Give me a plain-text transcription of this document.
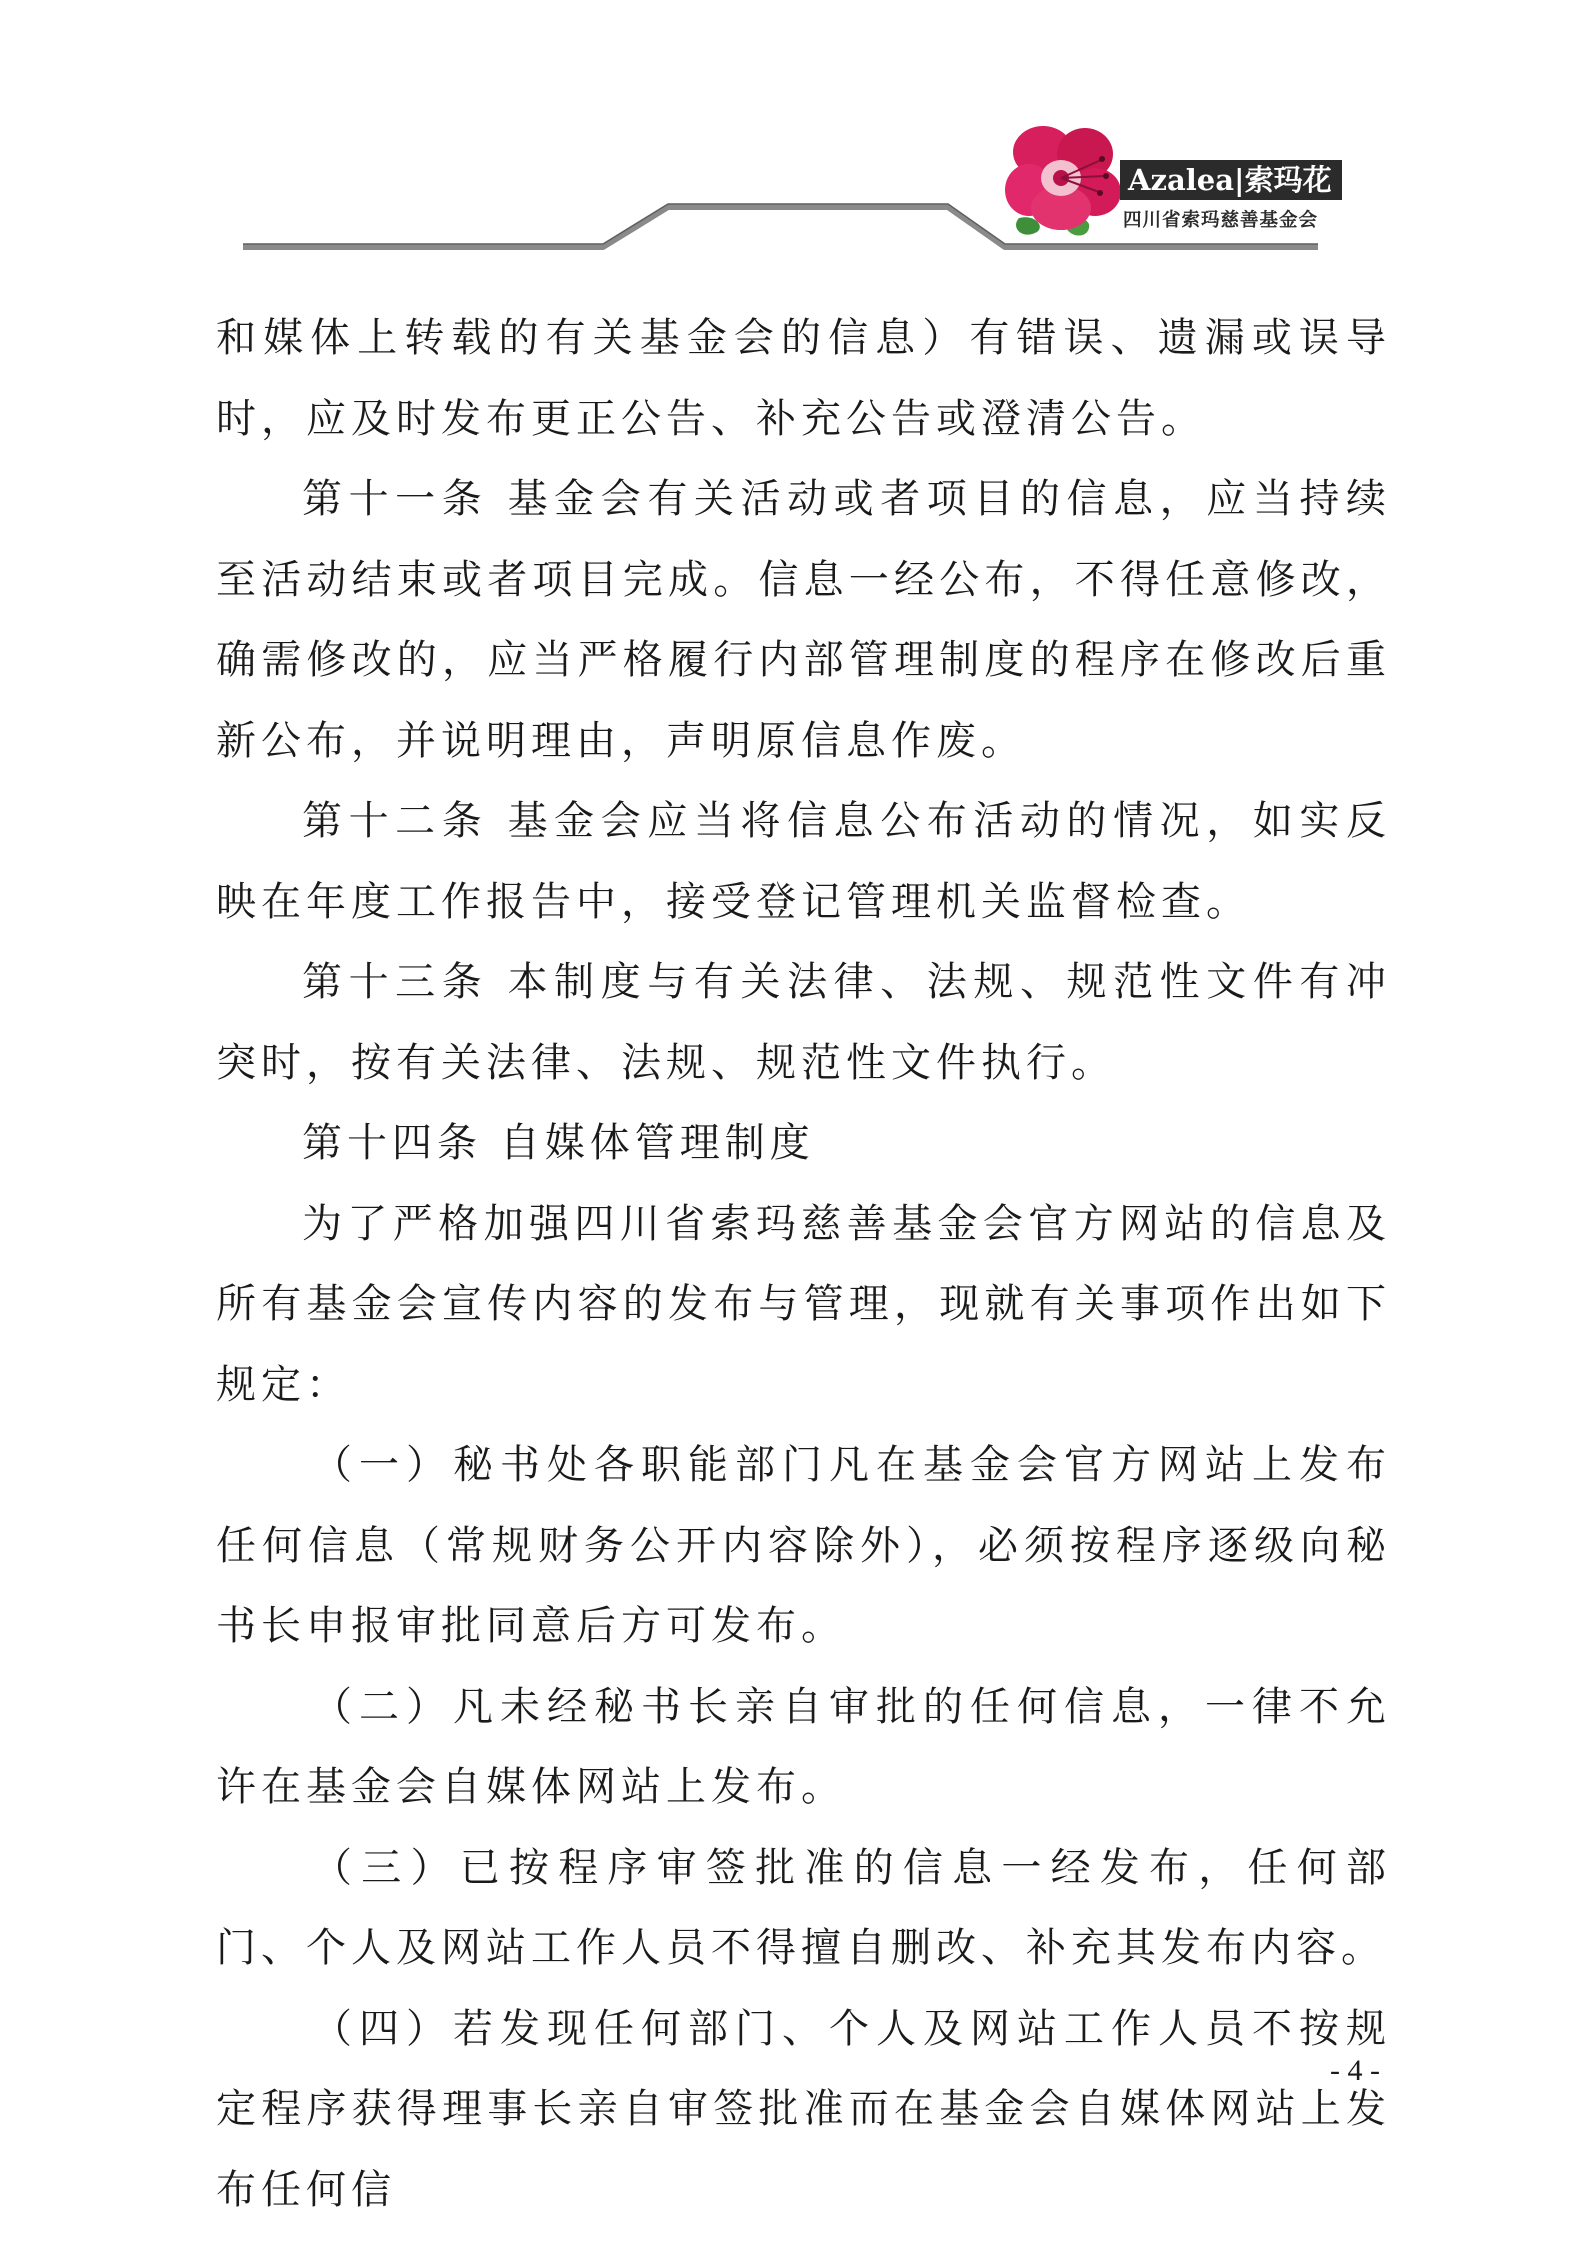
Azalea|索玛花
四川省索玛慈善基金会

和媒体上转载的有关基金会的信息）有错误、遗漏或误导时，应及时发布更正公告、补充公告或澄清公告。

第十一条 基金会有关活动或者项目的信息，应当持续至活动结束或者项目完成。信息一经公布，不得任意修改，确需修改的，应当严格履行内部管理制度的程序在修改后重新公布，并说明理由，声明原信息作废。

第十二条 基金会应当将信息公布活动的情况，如实反映在年度工作报告中，接受登记管理机关监督检查。

第十三条 本制度与有关法律、法规、规范性文件有冲突时，按有关法律、法规、规范性文件执行。

第十四条 自媒体管理制度

为了严格加强四川省索玛慈善基金会官方网站的信息及所有基金会宣传内容的发布与管理，现就有关事项作出如下规定：

（一）秘书处各职能部门凡在基金会官方网站上发布任何信息（常规财务公开内容除外），必须按程序逐级向秘书长申报审批同意后方可发布。

（二）凡未经秘书长亲自审批的任何信息，一律不允许在基金会自媒体网站上发布。

（三）已按程序审签批准的信息一经发布，任何部门、个人及网站工作人员不得擅自删改、补充其发布内容。

（四）若发现任何部门、个人及网站工作人员不按规定程序获得理事长亲自审签批准而在基金会自媒体网站上发布任何信

- 4 -
